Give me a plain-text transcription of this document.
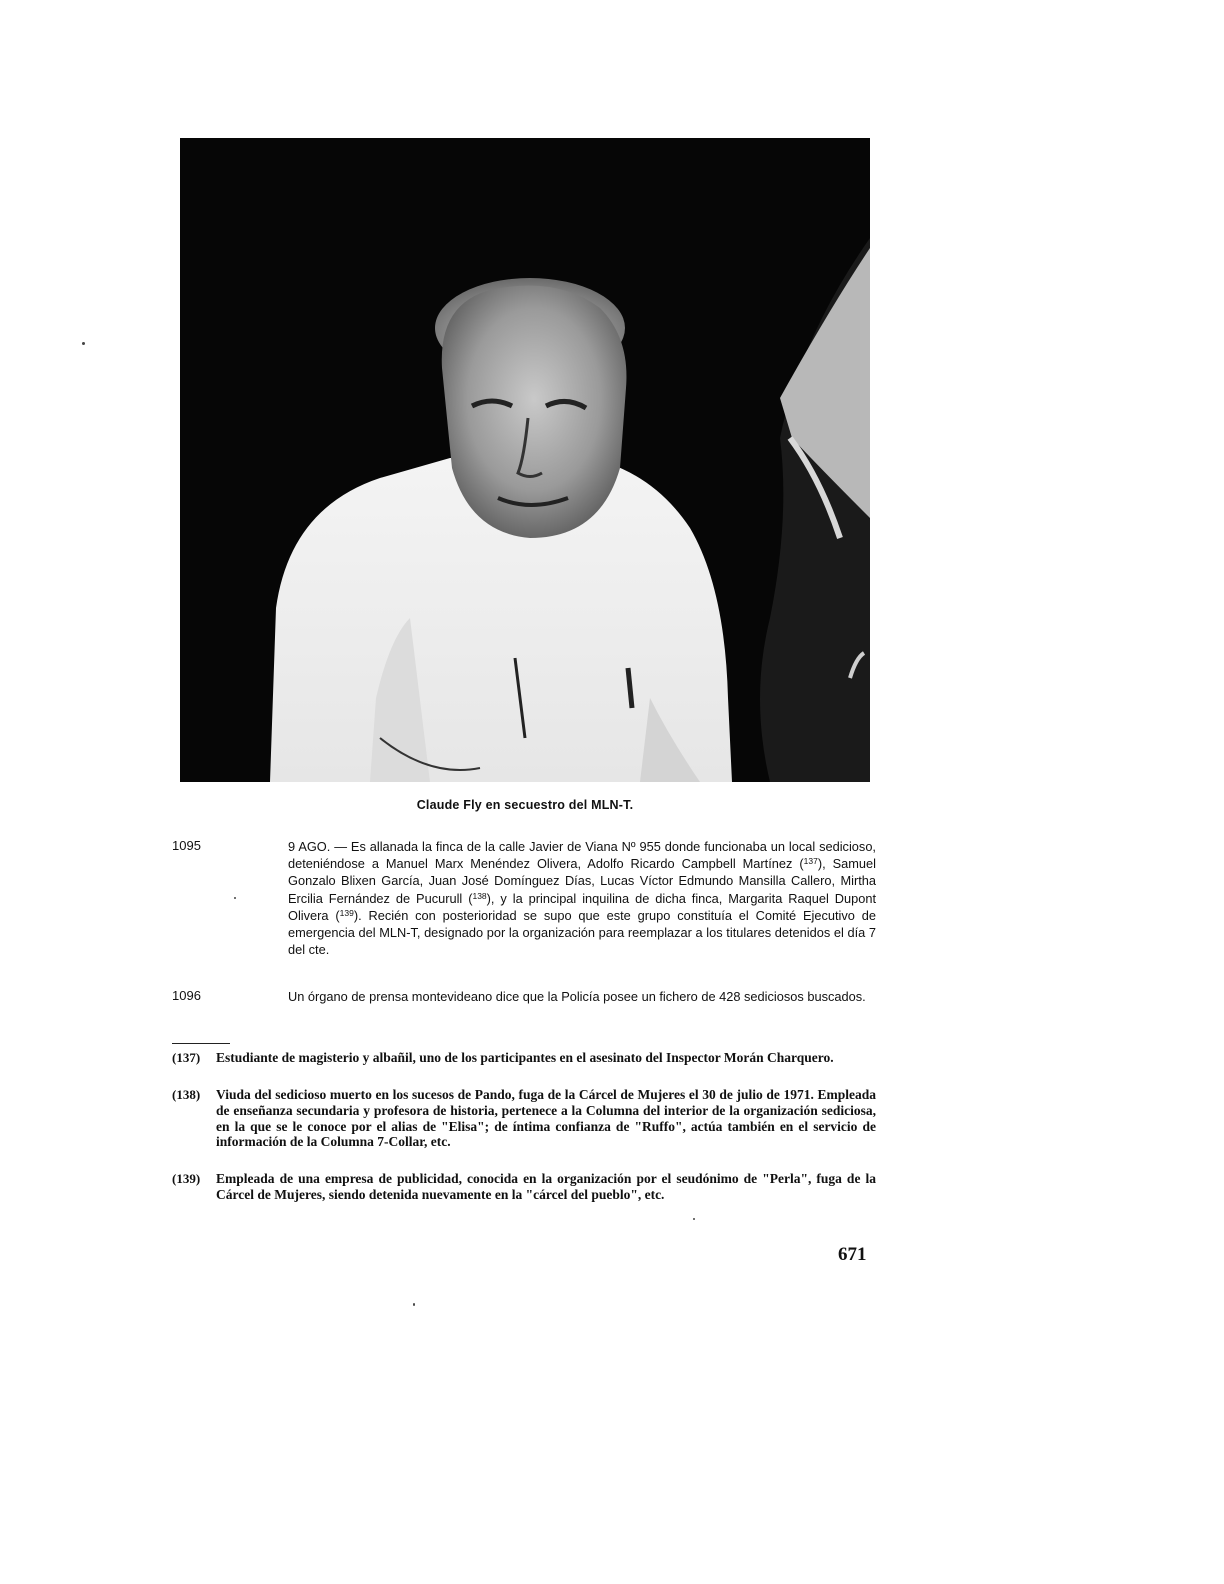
Claude Fly en secuestro del MLN-T.
1095	9 AGO. — Es allanada la finca de la calle Javier de Viana Nº 955 donde funcionaba un local sedicioso, deteniéndose a Manuel Marx Menéndez Olivera, Adolfo Ricardo Campbell Martínez ($^{137}$), Samuel Gonzalo Blixen García, Juan José Domínguez Días, Lucas Víctor Edmundo Mansilla Callero, Mirtha Ercilia Fernández de Pucurull ($^{138}$), y la principal inquilina de dicha finca, Margarita Raquel Dupont Olivera ($^{139}$). Recién con posterioridad se supo que este grupo constituía el Comité Ejecutivo de emergencia del MLN-T, designado por la organización para reemplazar a los titulares detenidos el día 7 del cte.
1096	Un órgano de prensa montevideano dice que la Policía posee un fichero de 428 sediciosos buscados.
(137) Estudiante de magisterio y albañil, uno de los participantes en el asesinato del Inspector Morán Charquero.
(138) Viuda del sedicioso muerto en los sucesos de Pando, fuga de la Cárcel de Mujeres el 30 de julio de 1971. Empleada de enseñanza secundaria y profesora de historia, pertenece a la Columna del interior de la organización sediciosa, en la que se le conoce por el alias de "Elisa"; de íntima confianza de "Ruffo", actúa también en el servicio de información de la Columna 7-Collar, etc.
(139) Empleada de una empresa de publicidad, conocida en la organización por el seudónimo de "Perla", fuga de la Cárcel de Mujeres, siendo detenida nuevamente en la "cárcel del pueblo", etc.
671
